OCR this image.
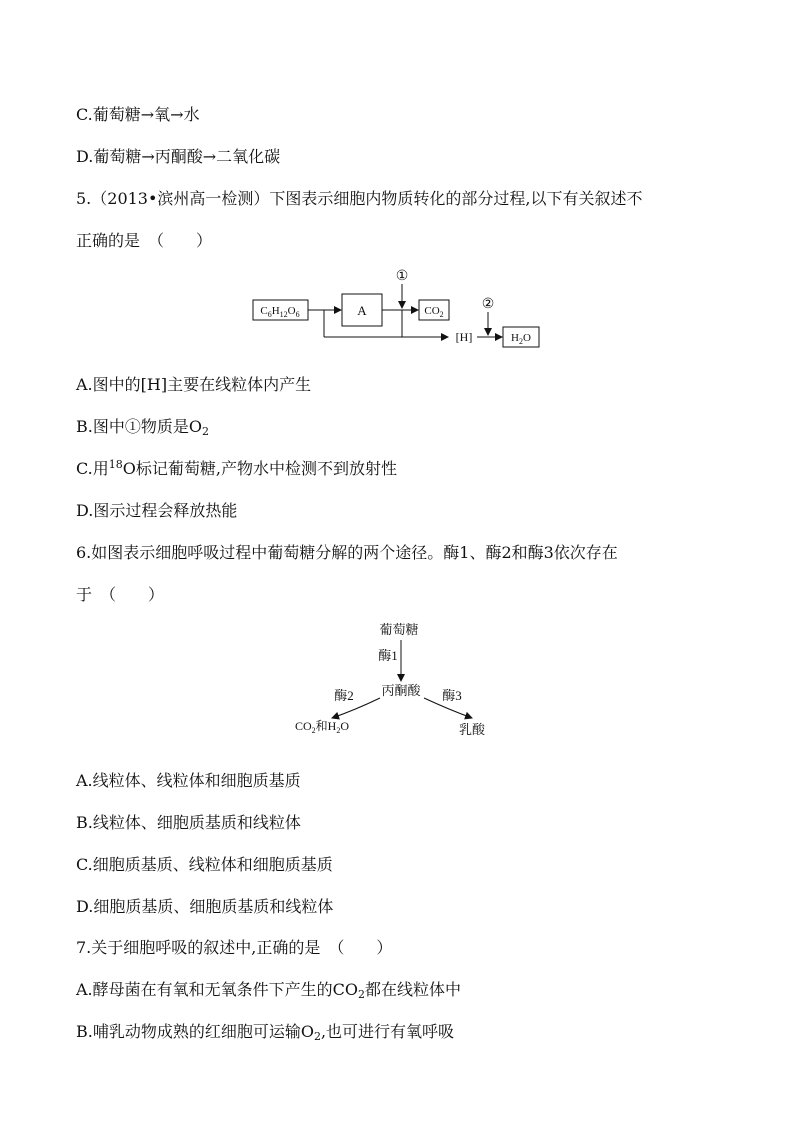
C.葡萄糖→氧→水
D.葡萄糖→丙酮酸→二氧化碳
5.（2013•滨州高一检测）下图表示细胞内物质转化的部分过程,以下有关叙述不
正确的是　（　　）
$C_6H_{12}O_6$	A
①
$CO_2$
[H]
②
$H_2O$
A.图中的[H]主要在线粒体内产生
B.图中①物质是$O_2$
C.用$^{18}$O标记葡萄糖,产物水中检测不到放射性
D.图示过程会释放热能
6.如图表示细胞呼吸过程中葡萄糖分解的两个途径。酶1、酶2和酶3依次存在
于　（　　）
葡萄糖
酶1
丙酮酸
酶2	酶3
$CO_2$和$H_2O$	乳酸
A.线粒体、线粒体和细胞质基质
B.线粒体、细胞质基质和线粒体
C.细胞质基质、线粒体和细胞质基质
D.细胞质基质、细胞质基质和线粒体
7.关于细胞呼吸的叙述中,正确的是　（　　）
A.酵母菌在有氧和无氧条件下产生的$CO_2$都在线粒体中
B.哺乳动物成熟的红细胞可运输$O_2$,也可进行有氧呼吸
